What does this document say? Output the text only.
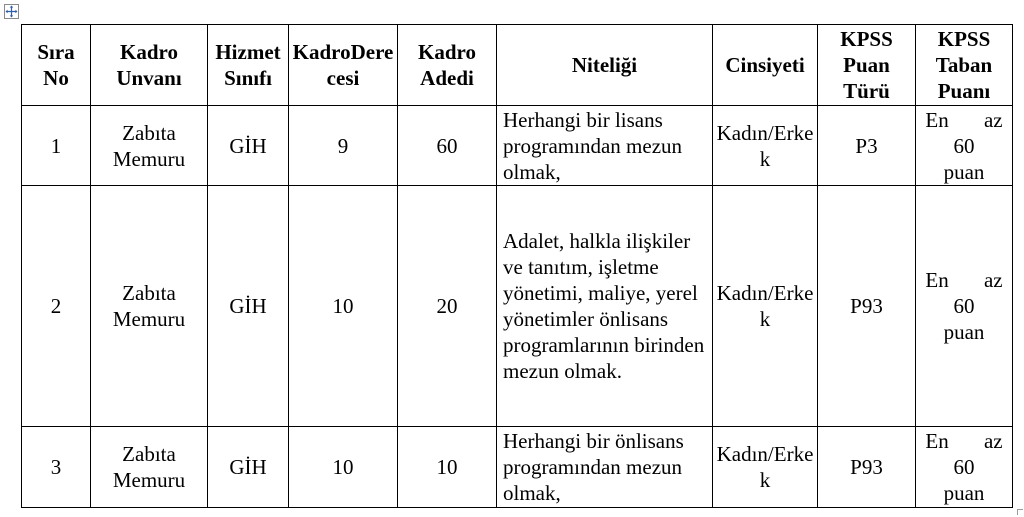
Sıra No	Kadro Unvanı	Hizmet Sınıfı	KadroDerecesi	Kadro Adedi	Niteliği	Cinsiyeti	KPSS Puan Türü	KPSS Taban Puanı
1	Zabıta Memuru	GİH	9	60	Herhangi bir lisans programından mezun olmak,	Kadın/Erkek	P3	En az 60 puan
2	Zabıta Memuru	GİH	10	20	Adalet, halkla ilişkiler ve tanıtım, işletme yönetimi, maliye, yerel yönetimler önlisans programlarının birinden mezun olmak.	Kadın/Erkek	P93	En az 60 puan
3	Zabıta Memuru	GİH	10	10	Herhangi bir önlisans programından mezun olmak,	Kadın/Erkek	P93	En az 60 puan
